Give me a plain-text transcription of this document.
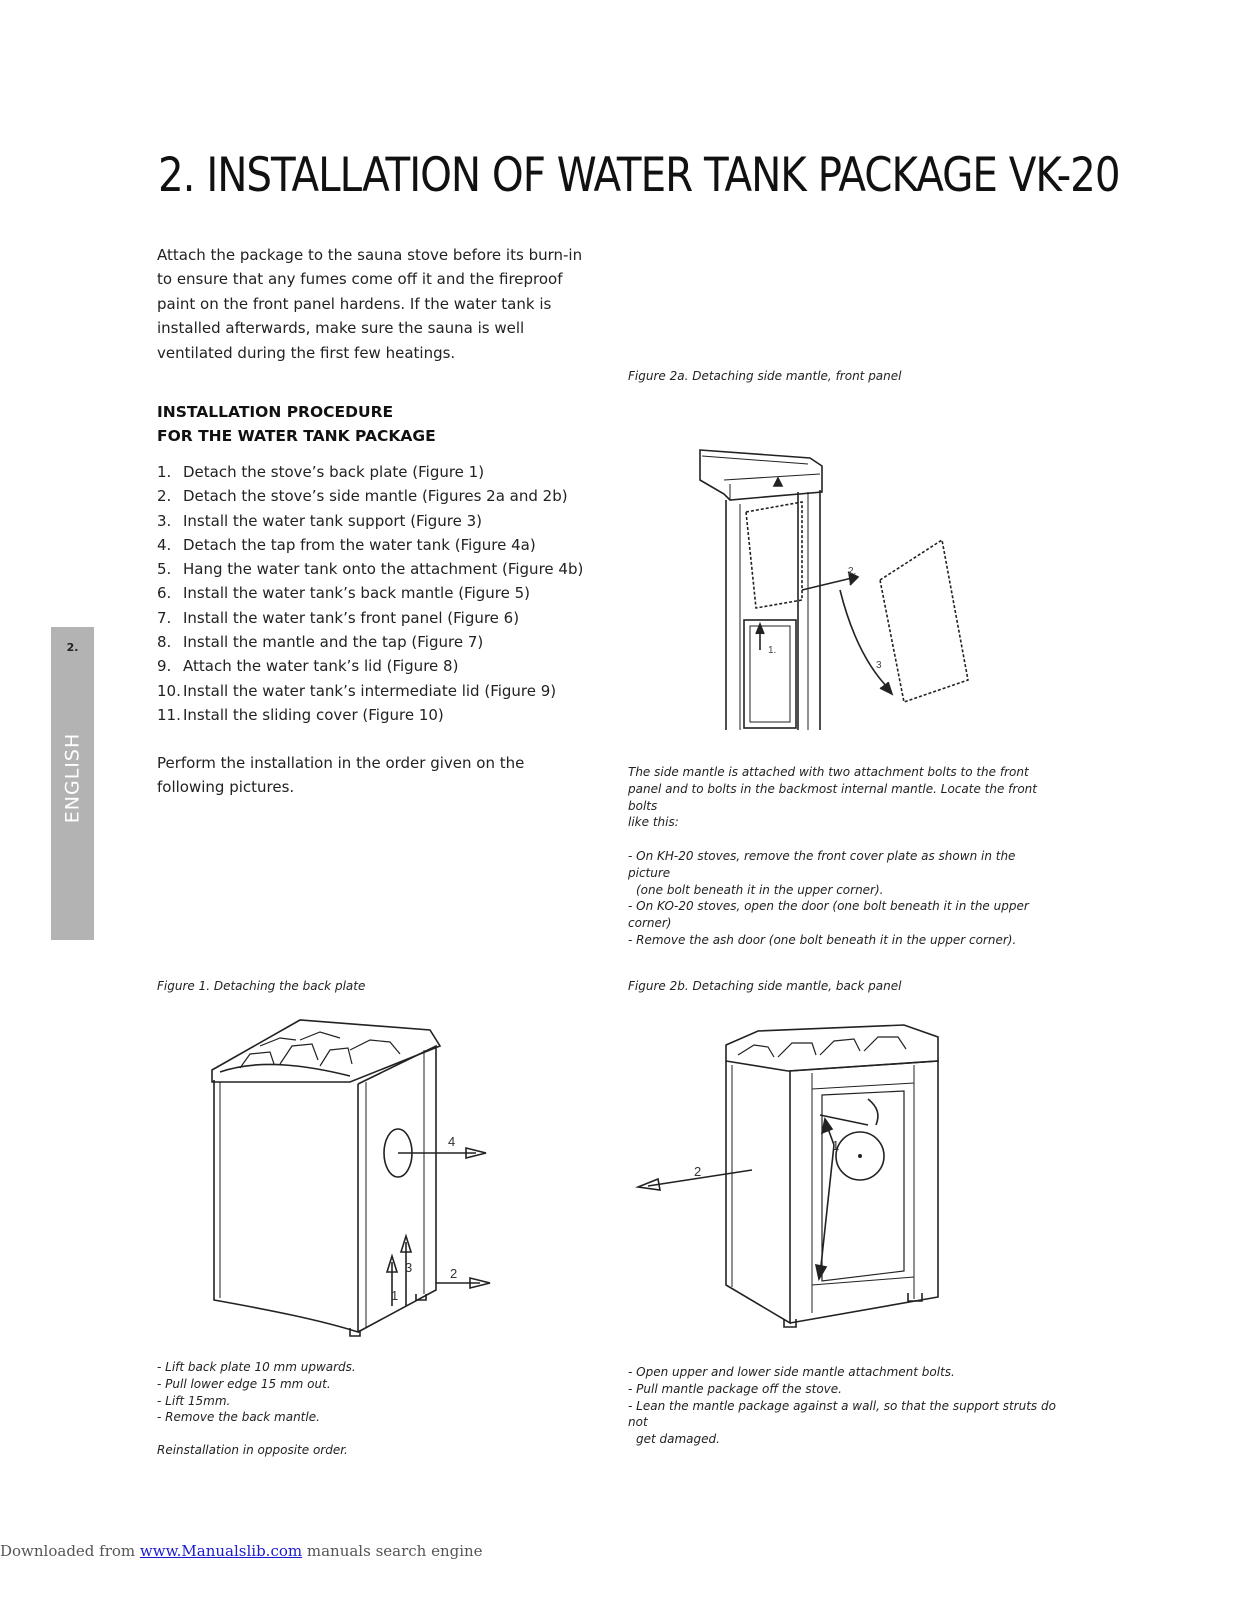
2. INSTALLATION OF WATER TANK PACKAGE VK-20
Attach the package to the sauna stove before its burn-in to ensure that any fumes come off it and the fireproof paint on the front panel hardens. If the water tank is installed afterwards, make sure the sauna is well ventilated during the first few heatings.
INSTALLATION PROCEDURE
FOR THE WATER TANK PACKAGE
1. Detach the stove’s back plate (Figure 1)
2. Detach the stove’s side mantle (Figures 2a and 2b)
3. Install the water tank support (Figure 3)
4. Detach the tap from the water tank (Figure 4a)
5. Hang the water tank onto the attachment (Figure 4b)
6. Install the water tank’s back mantle (Figure 5)
7. Install the water tank’s front panel (Figure 6)
8. Install the mantle and the tap (Figure 7)
9. Attach the water tank’s lid (Figure 8)
10. Install the water tank’s intermediate lid (Figure 9)
11. Install the sliding cover (Figure 10)
Perform the installation in the order given on the following pictures.
2.
ENGLISH
Figure 2a. Detaching side mantle, front panel
1.
2.
3
The side mantle is attached with two attachment bolts to the front
panel and to bolts in the backmost internal mantle. Locate the front bolts
like this:
- On KH-20 stoves, remove the front cover plate as shown in the picture
(one bolt beneath it in the upper corner).
- On KO-20 stoves, open the door (one bolt beneath it in the upper corner)
- Remove the ash door (one bolt beneath it in the upper corner).
Figure 1. Detaching the back plate
4
2
3
1
- Lift back plate 10 mm upwards.
- Pull lower edge 15 mm out.
- Lift 15mm.
- Remove the back mantle.
Reinstallation in opposite order.
Figure 2b. Detaching side mantle, back panel
2
1
- Open upper and lower side mantle attachment bolts.
- Pull mantle package off the stove.
- Lean the mantle package against a wall, so that the support struts do not
get damaged.
Downloaded from www.Manualslib.com manuals search engine
